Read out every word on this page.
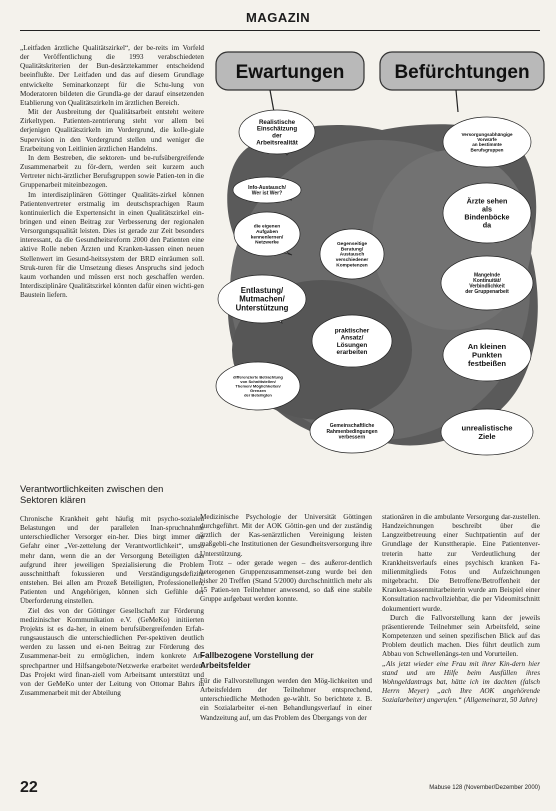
MAGAZIN

„Leitfaden ärztliche Qualitätszirkel“, der be-reits im Vorfeld der Veröffentlichung die 1993 verabschiedeten Qualitätskriterien der Bun-desärztekammer entscheidend beeinflußte. Der Leitfaden und das auf diesem Grundlage entwickelte Seminarkonzept für die Schu-lung von Moderatoren bildeten die Grundla-ge der darauf einsetzenden Etablierung von Qualitätszirkeln im ärztlichen Bereich.

Mit der Ausbreitung der Qualitätsarbeit entsteht weitere Zirkeltypen. Patienten-zentrierung steht vor allem bei derjenigen Qualitätszirkeln im Vordergrund, die kolle-giale Supervision in den Vordergrund stellen und weniger die Erarbeitung von Leitlinien ärztlichen Handelns.

In dem Bestreben, die sektoren- und be-rufsübergreifende Zusammenarbeit zu för-dern, werden seit kurzem auch Vertreter nicht-ärztlicher Berufsgruppen sowie Patien-ten in die Gruppenarbeit miteinbezogen.

Im interdisziplinären Göttinger Qualitäts-zirkel können Patientenvertreter erstmalig im deutschsprachigen Raum kontinuierlich die Expertensicht in einen Qualitätszirkel ein-bringen und einen Beitrag zur Verbesserung der regionalen Versorgungsqualität leisten. Dies ist gerade zur Zeit besonders interessant, da die Gesundheitsreform 2000 den Patienten eine aktive Rolle neben Ärzten und Kranken-kassen einen neuen Stellenwert im Gesund-heitssystem der BRD einräumen soll. Struk-turen für die Umsetzung dieses Anspruchs sind jedoch kaum vorhanden und müssen erst noch geschaffen werden. Interdisziplinäre Qualitätszirkel könnten dafür einen wichti-gen Baustein liefern.

Verantwortlichkeiten zwischen den
Sektoren klären

Chronische Krankheit geht häufig mit psycho-sozialen Belastungen und der parallelen Inan-spruchnahme unterschiedlicher Versorger ein-her. Dies birgt immer die Gefahr einer „Ver-zettelung der Verantwortlichkeit“, umso mehr dann, wenn die an der Versorgung Beteiligten das aufgrund ihrer jeweiligen Spezialisierung die Problem ausschnitthaft fokussieren und Verständigungsdefizite entstehen. Bei allen am Prozeß Beteiligten, Professionellen, Patienten und Angehörigen, können sich Gefühle der Überforderung einstellen.

Ziel des von der Göttinger Gesellschaft zur Förderung medizinischer Kommunikation e.V. (GeMeKo) initiierten Projekts ist es da-her, in einem berufsübergreifenden Erfah-rungsaustausch die unterschiedlichen Per-spektiven deutlich werden zu lassen und ei-nen Beitrag zur Förderung des Zusammenar-beit zu ermöglichen, indem konkrete An-sprechpartner und Hilfsangebote/Netzwerke erarbeitet werden. Das Projekt wird finan-ziell vom Arbeitsamt unterstützt und von der GeMeKo unter der Leitung von Ottomar Bahrs in Zusammenarbeit mit der Abteilung

Ewartungen	Befürchtungen
Realistische
Einschätzung
der
Arbeitsrealität
Info-Austausch/
Wer ist Wer?
die eigenen
Aufgaben
kennenlernen/
Netzwerke	Gegenseitige
Beratung/
Austausch
verschiedener
Kompetenzen
Entlastung/
Mutmachen/
Unterstützung
praktischer
Ansatz/
Lösungen
erarbeiten
differenzierte Betrachtung
von Schnittstellen/
Themen/ Möglichkeiten/
Grenzen
der Beteiligten
Gemeinschaftliche
Rahmenbedingungen
verbessern
Versorgungsabhängige
Vorwürfe
an bestimmte
Berufsgruppen
Ärzte sehen
als
Bindenböcke
da
Mangelnde
Kontinuität/
Verbindlichkeit
der Gruppenarbeit
An kleinen
Punkten
festbeißen
unrealistische
Ziele

Medizinische Psychologie der Universität Göttingen durchgeführt. Mit der AOK Göttin-gen und der zuständig ärztlich der Kas-senärztlichen Vereinigung leisten maßgebli-che Institutionen der Gesundheitsversorgung ihre Unterstützung.

Trotz – oder gerade wegen – des außeror-dentlich heterogenen Gruppenzusammenset-zung wurde bei den bisher 20 Treffen (Stand 5/2000) durchschnittlich mehr als 15 Patien-ten Teilnehmer anwesend, so daß eine stabile Gruppe aufgebaut werden konnte.

Fallbezogene Vorstellung der
Arbeitsfelder

Für die Fallvorstellungen werden den Mög-lichkeiten und Arbeitsfeldern der Teilnehmer entsprechend, unterschiedliche Methoden ge-wählt. So berichtete z. B. ein Sozialarbeiter ei-nen Behandlungsverlauf in einer Wandzeitung auf, um das Problem des Übergangs von der

stationären in die ambulante Versorgung dar-zustellen. Handzeichnungen beschreibt über die Langzeitbetreuung einer Suchtpatientin auf der Grundlage der Kunsttherapie. Eine Patientenver-treterin hatte zur Verdeutlichung der Krankheitsverlaufs eines psychisch kranken Fa-milienmitglieds Fotos und Aufzeichnungen mitgebracht. Die Betroffene/Betroffenheit der Kranken-kassenmitarbeiterin wurde am Beispiel einer Konsultation nachvollziehbar, die per Videomitschnitt dokumentiert wurde.

Durch die Fallvorstellung kann der jeweils präsentierende Teilnehmer sein Arbeitsfeld, seine Kompetenzen und seinen spezifischen Blick auf das Problem deutlich machen. Dies führt deutlich zum Abbau von Schwellenängs-ten und Vorurteilen.

„Als jetzt wieder eine Frau mit ihrer Kin-dern hier stand und um Hilfe beim Ausfüllen ihres Wohngeldantrags bat, hätte ich im dachten (falsch Herrn Meyer) „ach Ihre AOK angehörende Sozialarbeiter) angerufen.“ (Allgemeinarzt, 50 Jahre)

22	Mabuse 128 (November/Dezember 2000)
